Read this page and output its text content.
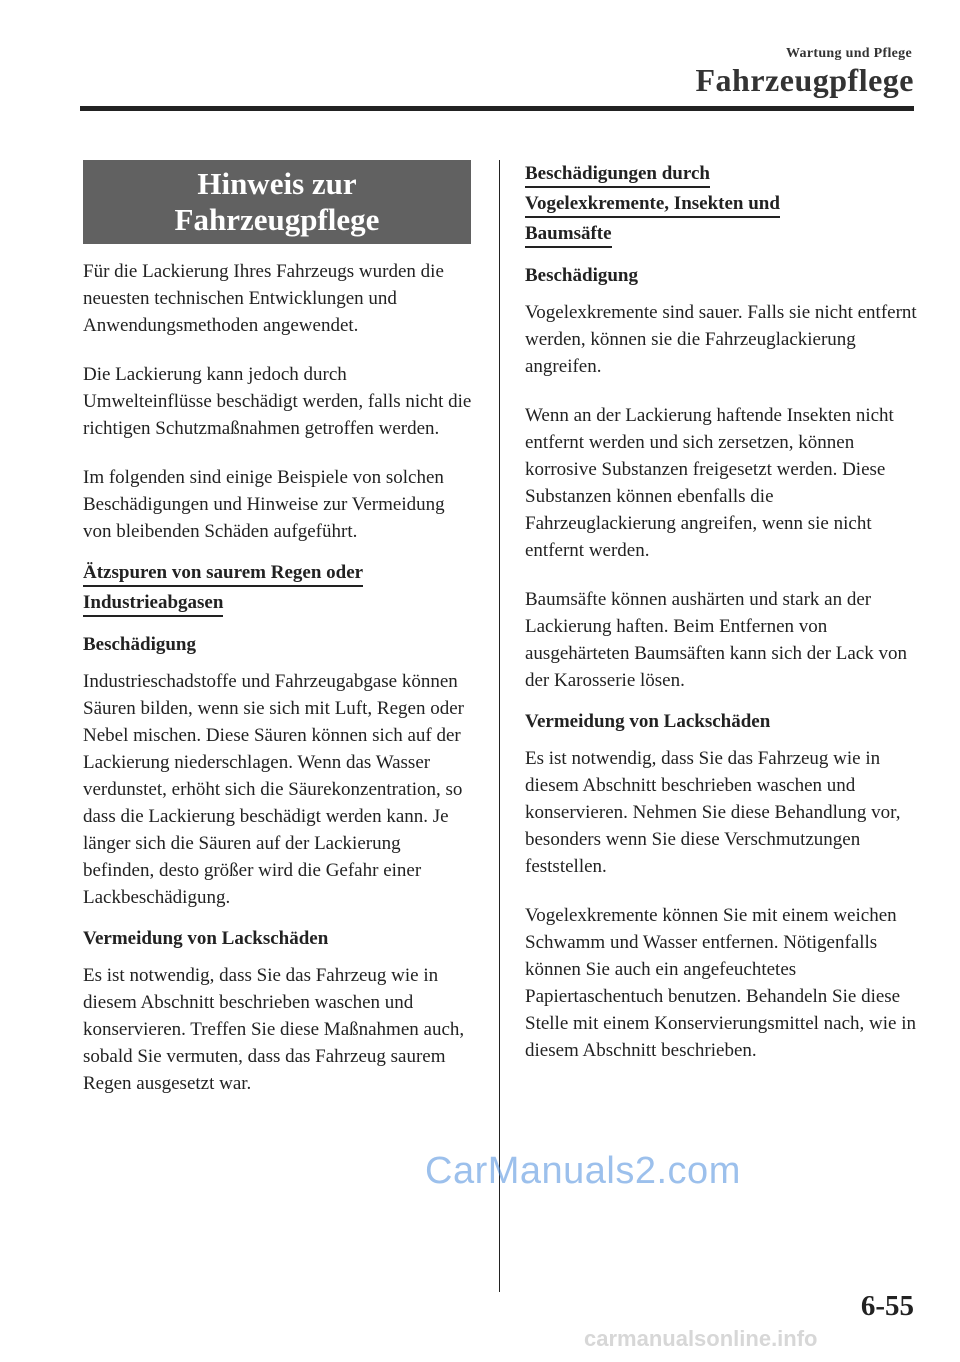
Wartung und Pflege
Fahrzeugpflege
Hinweis zur
Fahrzeugpflege

Für die Lackierung Ihres Fahrzeugs wurden die neuesten technischen Entwicklungen und Anwendungsmethoden angewendet.

Die Lackierung kann jedoch durch Umwelteinflüsse beschädigt werden, falls nicht die richtigen Schutzmaßnahmen getroffen werden.

Im folgenden sind einige Beispiele von solchen Beschädigungen und Hinweise zur Vermeidung von bleibenden Schäden aufgeführt.

Ätzspuren von saurem Regen oder
Industrieabgasen
Beschädigung

Industrieschadstoffe und Fahrzeugabgase können Säuren bilden, wenn sie sich mit Luft, Regen oder Nebel mischen. Diese Säuren können sich auf der Lackierung niederschlagen. Wenn das Wasser verdunstet, erhöht sich die Säurekonzentration, so dass die Lackierung beschädigt werden kann. Je länger sich die Säuren auf der Lackierung befinden, desto größer wird die Gefahr einer Lackbeschädigung.

Vermeidung von Lackschäden

Es ist notwendig, dass Sie das Fahrzeug wie in diesem Abschnitt beschrieben waschen und konservieren. Treffen Sie diese Maßnahmen auch, sobald Sie vermuten, dass das Fahrzeug saurem Regen ausgesetzt war.

Beschädigungen durch
Vogelexkremente, Insekten und
Baumsäfte
Beschädigung

Vogelexkremente sind sauer. Falls sie nicht entfernt werden, können sie die Fahrzeuglackierung angreifen.

Wenn an der Lackierung haftende Insekten nicht entfernt werden und sich zersetzen, können korrosive Substanzen freigesetzt werden. Diese Substanzen können ebenfalls die Fahrzeuglackierung angreifen, wenn sie nicht entfernt werden.

Baumsäfte können aushärten und stark an der Lackierung haften. Beim Entfernen von ausgehärteten Baumsäften kann sich der Lack von der Karosserie lösen.

Vermeidung von Lackschäden

Es ist notwendig, dass Sie das Fahrzeug wie in diesem Abschnitt beschrieben waschen und konservieren. Nehmen Sie diese Behandlung vor, besonders wenn Sie diese Verschmutzungen feststellen.

Vogelexkremente können Sie mit einem weichen Schwamm und Wasser entfernen. Nötigenfalls können Sie auch ein angefeuchtetes Papiertaschentuch benutzen. Behandeln Sie diese Stelle mit einem Konservierungsmittel nach, wie in diesem Abschnitt beschrieben.

CarManuals2.com
6-55
carmanualsonline.info
